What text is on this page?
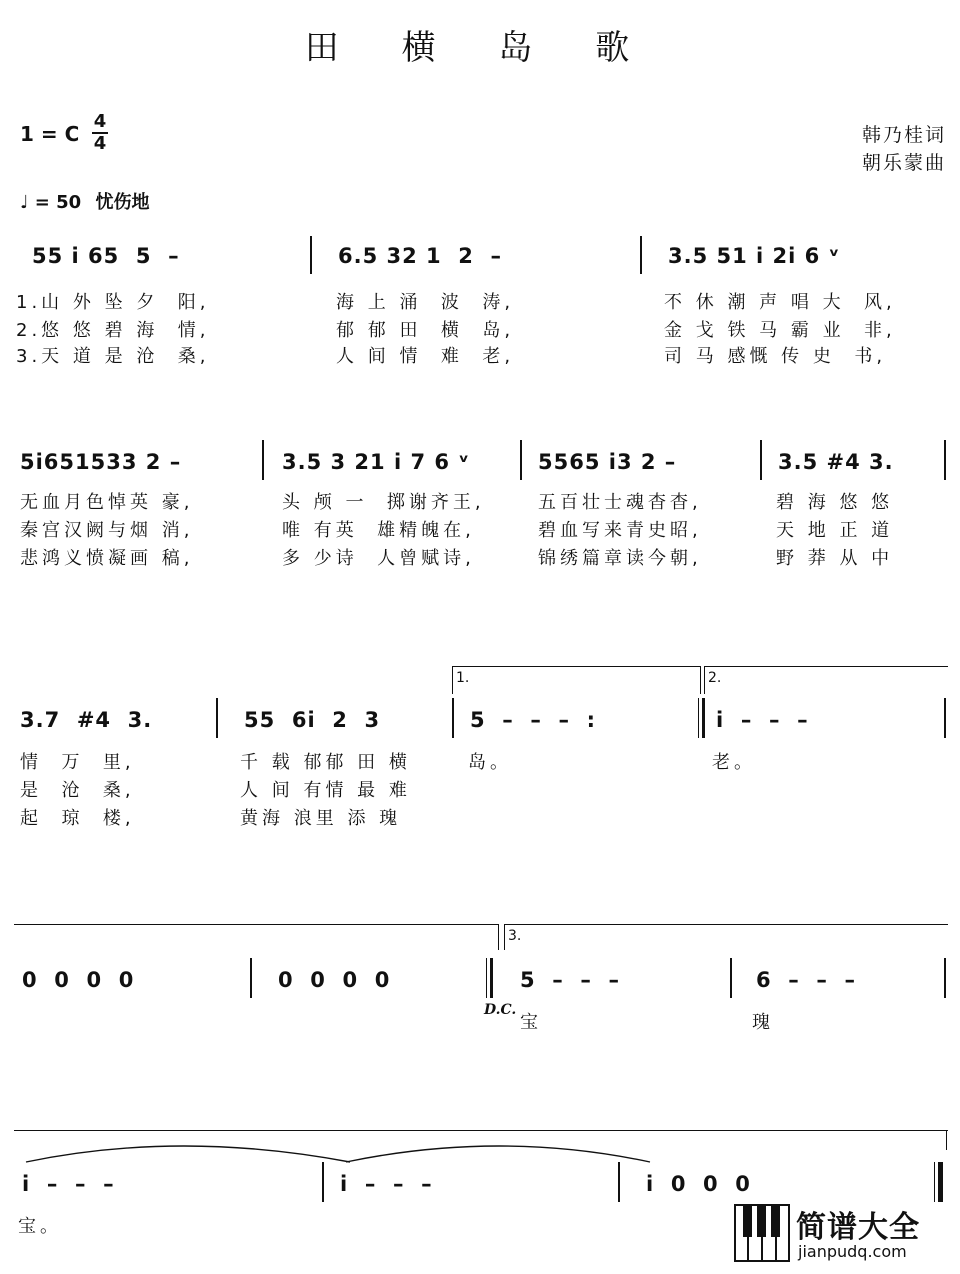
田 横 岛 歌
1 = C
4
4	韩乃桂词
朝乐蒙曲
♩ = 50 忧伤地
55 i 65  5  –	6.5 32 1  2  –	3.5 51 i 2i 6 ᵛ
1.山 外 坠 夕  阳,	海 上 涌  波  涛,	不 休 潮 声 唱 大  风,
2.悠 悠 碧 海  情,	郁 郁 田  横  岛,	金 戈 铁 马 霸 业  非,
3.天 道 是 沧  桑,	人 间 情  难  老,	司 马 感慨 传 史  书,
5i651533 2 –	3.5 3 21 i 7 6 ᵛ	5565 i3 2 –	3.5 #4 3.
无血月色悼英 豪,	头 颅 一  掷谢齐王,	五百壮士魂杳杳,	碧 海 悠 悠
秦宫汉阙与烟 消,	唯 有英  雄精魄在,	碧血写来青史昭,	天 地 正 道
悲鸿义愤凝画 稿,	多 少诗  人曾赋诗,	锦绣篇章读今朝,	野 莽 从 中
1.	2.
3.7  #4  3.	55  6i  2  3	5  –  –  –  :	i  –  –  –
情  万  里,	千 载 郁郁 田 横	岛。	老。
是  沧  桑,	人 间 有情 最 难
起  琼  楼,	黄海 浪里 添 瑰
3.
0  0  0  0	0  0  0  0	5  –  –  –	6  –  –  –
D.C.
宝	瑰
i  –  –  –	i  –  –  –	i  0  0  0
宝。	简谱大全
jianpudq.com
